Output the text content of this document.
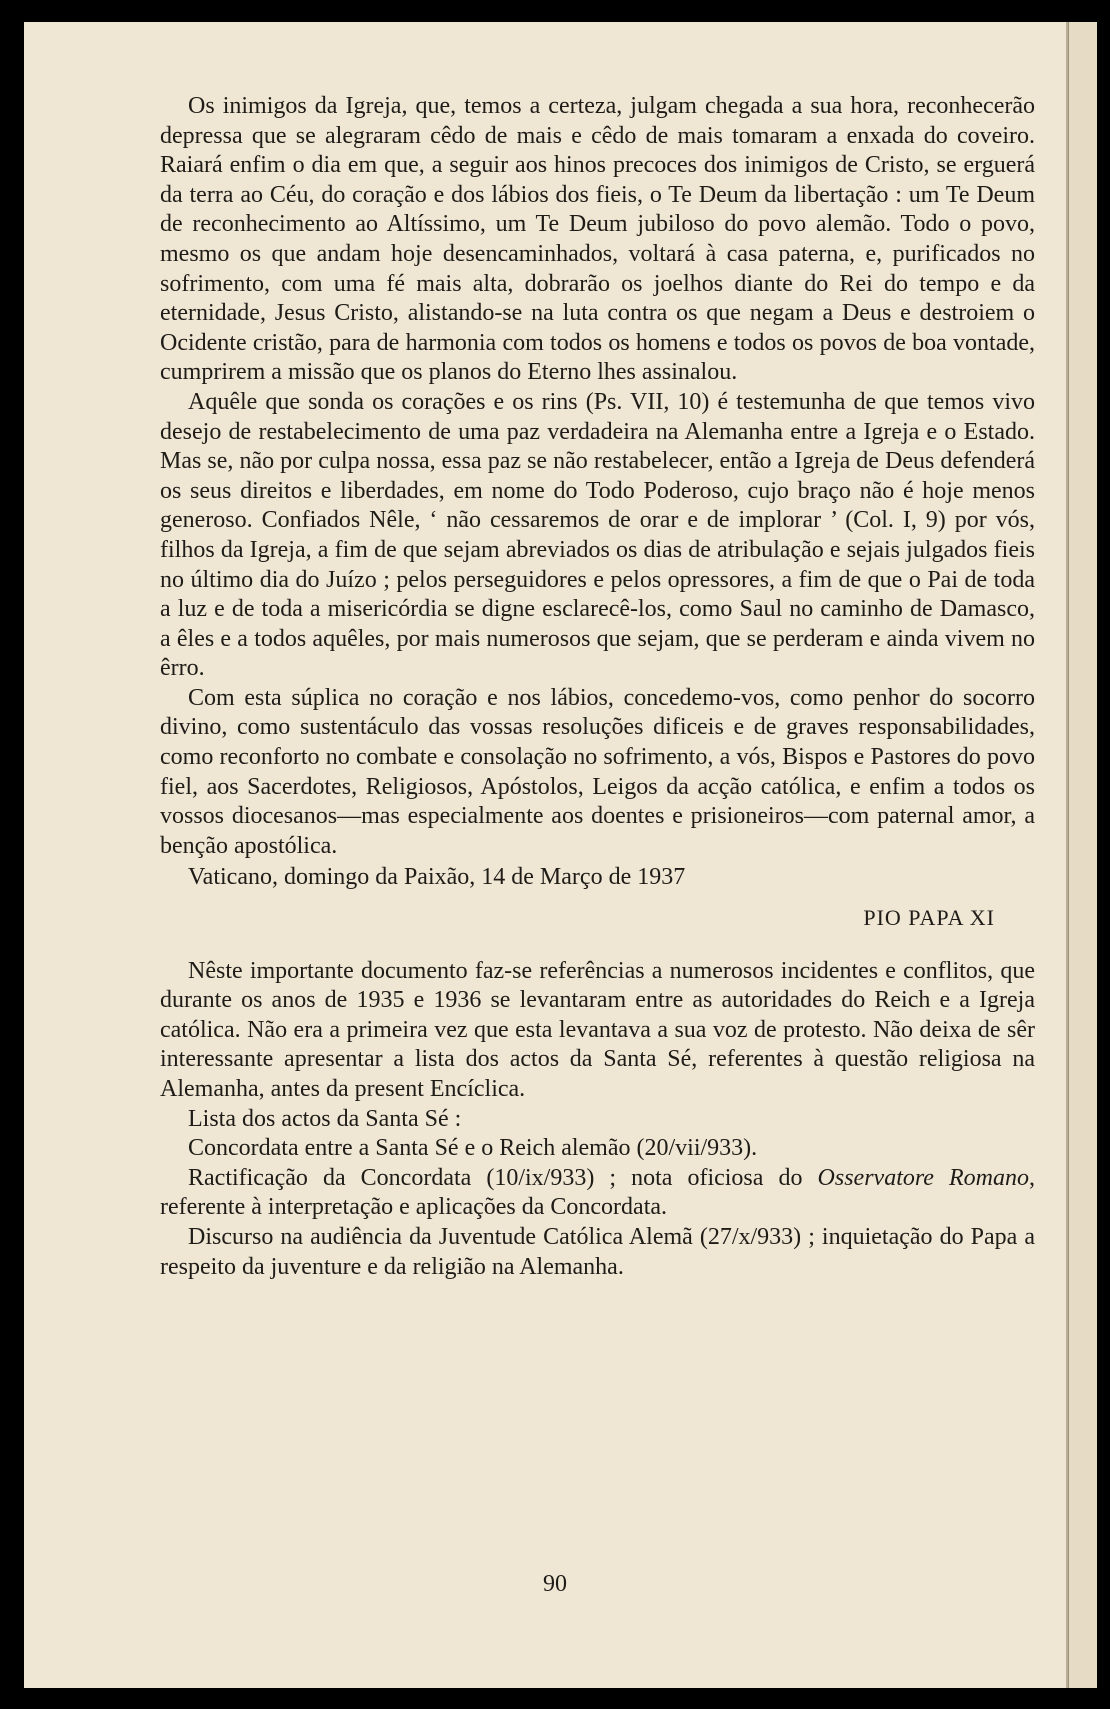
Os inimigos da Igreja, que, temos a certeza, julgam chegada a sua hora, reconhecerão depressa que se alegraram cêdo de mais e cêdo de mais tomaram a enxada do coveiro. Raiará enfim o dia em que, a seguir aos hinos precoces dos inimigos de Cristo, se erguerá da terra ao Céu, do coração e dos lábios dos fieis, o Te Deum da libertação : um Te Deum de reconhecimento ao Altíssimo, um Te Deum jubiloso do povo alemão. Todo o povo, mesmo os que andam hoje desencaminhados, voltará à casa paterna, e, purificados no sofrimento, com uma fé mais alta, dobrarão os joelhos diante do Rei do tempo e da eternidade, Jesus Cristo, alistando-se na luta contra os que negam a Deus e destroiem o Ocidente cristão, para de harmonia com todos os homens e todos os povos de boa vontade, cumprirem a missão que os planos do Eterno lhes assinalou.

Aquêle que sonda os corações e os rins (Ps. VII, 10) é testemunha de que temos vivo desejo de restabelecimento de uma paz verdadeira na Alemanha entre a Igreja e o Estado. Mas se, não por culpa nossa, essa paz se não restabelecer, então a Igreja de Deus defenderá os seus direitos e liberdades, em nome do Todo Poderoso, cujo braço não é hoje menos generoso. Confiados Nêle, ‘ não cessaremos de orar e de implorar ’ (Col. I, 9) por vós, filhos da Igreja, a fim de que sejam abreviados os dias de atribulação e sejais julgados fieis no último dia do Juízo ; pelos perseguidores e pelos opressores, a fim de que o Pai de toda a luz e de toda a misericórdia se digne esclarecê-los, como Saul no caminho de Damasco, a êles e a todos aquêles, por mais numerosos que sejam, que se perderam e ainda vivem no êrro.

Com esta súplica no coração e nos lábios, concedemo-vos, como penhor do socorro divino, como sustentáculo das vossas resoluções dificeis e de graves responsabilidades, como reconforto no combate e consolação no sofrimento, a vós, Bispos e Pastores do povo fiel, aos Sacerdotes, Religiosos, Apóstolos, Leigos da acção católica, e enfim a todos os vossos diocesanos—mas especialmente aos doentes e prisioneiros—com paternal amor, a benção apostólica.

Vaticano, domingo da Paixão, 14 de Março de 1937

PIO PAPA XI

Nêste importante documento faz-se referências a numerosos incidentes e conflitos, que durante os anos de 1935 e 1936 se levantaram entre as autoridades do Reich e a Igreja católica. Não era a primeira vez que esta levantava a sua voz de protesto. Não deixa de sêr interessante apresentar a lista dos actos da Santa Sé, referentes à questão religiosa na Alemanha, antes da present Encíclica.

Lista dos actos da Santa Sé :

Concordata entre a Santa Sé e o Reich alemão (20/vii/933).

Ractificação da Concordata (10/ix/933) ; nota oficiosa do Osservatore Romano, referente à interpretação e aplicações da Concordata.

Discurso na audiência da Juventude Católica Alemã (27/x/933) ; inquietação do Papa a respeito da juventure e da religião na Alemanha.

90
